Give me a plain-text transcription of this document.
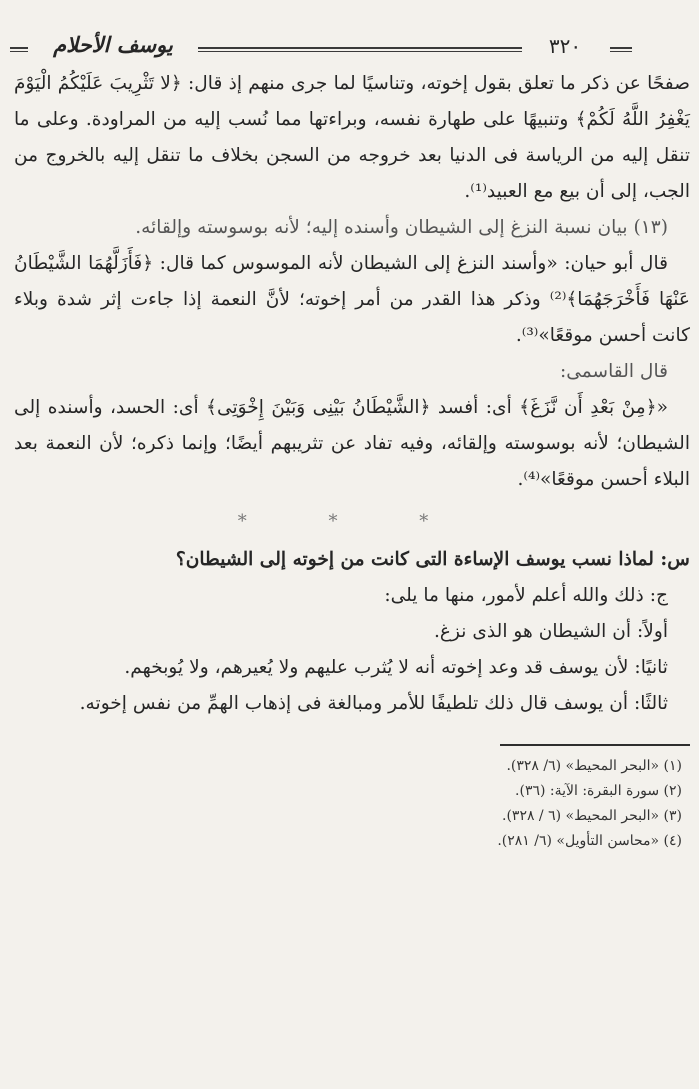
يوسف الأحلام	٣٢٠

صفحًا عن ذكر ما تعلق بقول إخوته، وتناسيًا لما جرى منهم إذ قال: ﴿لا تَثْرِيبَ عَلَيْكُمُ الْيَوْمَ يَغْفِرُ اللَّهُ لَكُمْ﴾ وتنبيهًا على طهارة نفسه، وبراءتها مما نُسب إليه من المراودة. وعلى ما تنقل إليه من الرياسة فى الدنيا بعد خروجه من السجن بخلاف ما تنقل إليه بالخروج من الجب، إلى أن بيع مع العبيد⁽¹⁾.

(١٣) بيان نسبة النزغ إلى الشيطان وأسنده إليه؛ لأنه بوسوسته وإلقائه.

قال أبو حيان: «وأسند النزغ إلى الشيطان لأنه الموسوس كما قال: ﴿فَأَزَلَّهُمَا الشَّيْطَانُ عَنْهَا فَأَخْرَجَهُمَا﴾⁽²⁾ وذكر هذا القدر من أمر إخوته؛ لأنَّ النعمة إذا جاءت إثر شدة وبلاء كانت أحسن موقعًا»⁽³⁾.

قال القاسمى:

«﴿مِنْ بَعْدِ أَن نَّزَغَ﴾ أى: أفسد ﴿الشَّيْطَانُ بَيْنِى وَبَيْنَ إِخْوَتِى﴾ أى: الحسد، وأسنده إلى الشيطان؛ لأنه بوسوسته وإلقائه، وفيه تفاد عن تثريبهم أيضًا؛ وإنما ذكره؛ لأن النعمة بعد البلاء أحسن موقعًا»⁽⁴⁾.

* * *

س: لماذا نسب يوسف الإساءة التى كانت من إخوته إلى الشيطان؟

ج: ذلك والله أعلم لأمور، منها ما يلى:

أولاً: أن الشيطان هو الذى نزغ.

ثانيًا: لأن يوسف قد وعد إخوته أنه لا يُثرب عليهم ولا يُعيرهم، ولا يُوبخهم.

ثالثًا: أن يوسف قال ذلك تلطيفًا للأمر ومبالغة فى إذهاب الهمِّ من نفس إخوته.

(١) «البحر المحيط» (٦/ ٣٢٨).

(٢) سورة البقرة: الآية: (٣٦).

(٣) «البحر المحيط» (٦ / ٣٢٨).

(٤) «محاسن التأويل» (٦/ ٢٨١).
